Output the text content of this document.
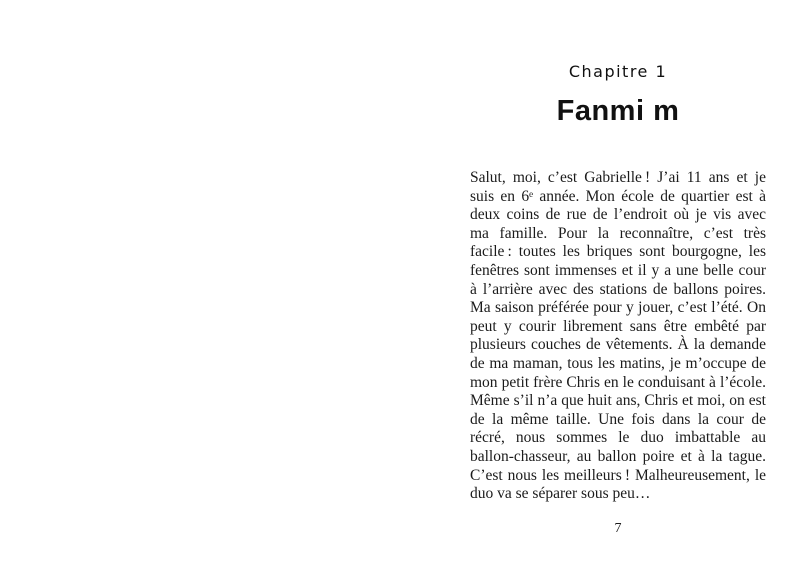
Chapitre 1
Fanmi m

Salut, moi, c’est Gabrielle ! J’ai 11 ans et je suis en 6ᵉ année. Mon école de quartier est à deux coins de rue de l’endroit où je vis avec ma famille. Pour la reconnaître, c’est très facile : toutes les briques sont bourgogne, les fenêtres sont immenses et il y a une belle cour à l’arrière avec des stations de ballons poires. Ma saison préférée pour y jouer, c’est l’été. On peut y courir librement sans être embêté par plusieurs couches de vêtements. À la demande de ma maman, tous les matins, je m’occupe de mon petit frère Chris en le conduisant à l’école. Même s’il n’a que huit ans, Chris et moi, on est de la même taille. Une fois dans la cour de récré, nous sommes le duo imbattable au ballon-chasseur, au ballon poire et à la tague. C’est nous les meilleurs ! Malheureusement, le duo va se séparer sous peu…

7
